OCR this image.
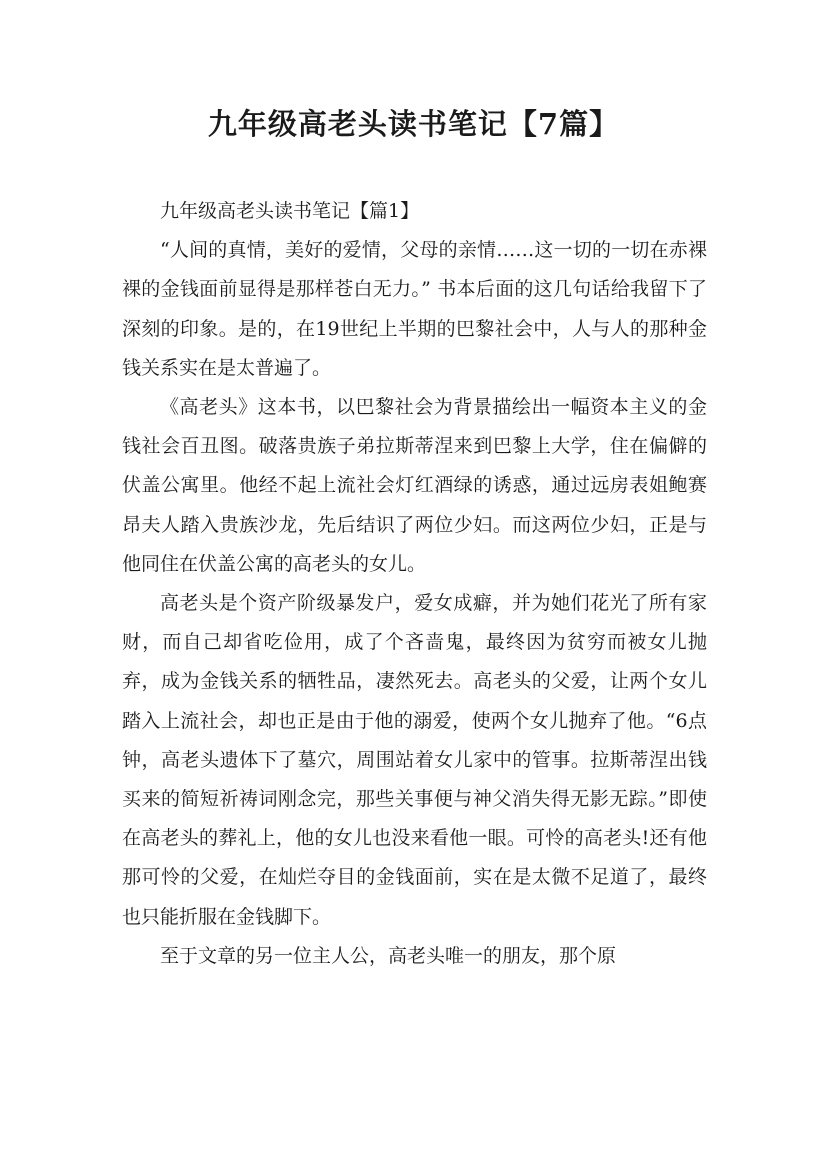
九年级高老头读书笔记【7篇】

九年级高老头读书笔记【篇1】

“人间的真情，美好的爱情，父母的亲情……这一切的一切在赤裸裸的金钱面前显得是那样苍白无力。” 书本后面的这几句话给我留下了深刻的印象。是的，在19世纪上半期的巴黎社会中，人与人的那种金钱关系实在是太普遍了。

《高老头》这本书，以巴黎社会为背景描绘出一幅资本主义的金钱社会百丑图。破落贵族子弟拉斯蒂涅来到巴黎上大学，住在偏僻的伏盖公寓里。他经不起上流社会灯红酒绿的诱惑，通过远房表姐鲍赛昂夫人踏入贵族沙龙，先后结识了两位少妇。而这两位少妇，正是与他同住在伏盖公寓的高老头的女儿。

高老头是个资产阶级暴发户，爱女成癖，并为她们花光了所有家财，而自己却省吃俭用，成了个吝啬鬼，最终因为贫穷而被女儿抛弃，成为金钱关系的牺牲品，凄然死去。高老头的父爱，让两个女儿踏入上流社会，却也正是由于他的溺爱，使两个女儿抛弃了他。“6点钟，高老头遗体下了墓穴，周围站着女儿家中的管事。拉斯蒂涅出钱买来的简短祈祷词刚念完，那些关事便与神父消失得无影无踪。”即使在高老头的葬礼上，他的女儿也没来看他一眼。可怜的高老头!还有他那可怜的父爱，在灿烂夺目的金钱面前，实在是太微不足道了，最终也只能折服在金钱脚下。

至于文章的另一位主人公，高老头唯一的朋友，那个原
